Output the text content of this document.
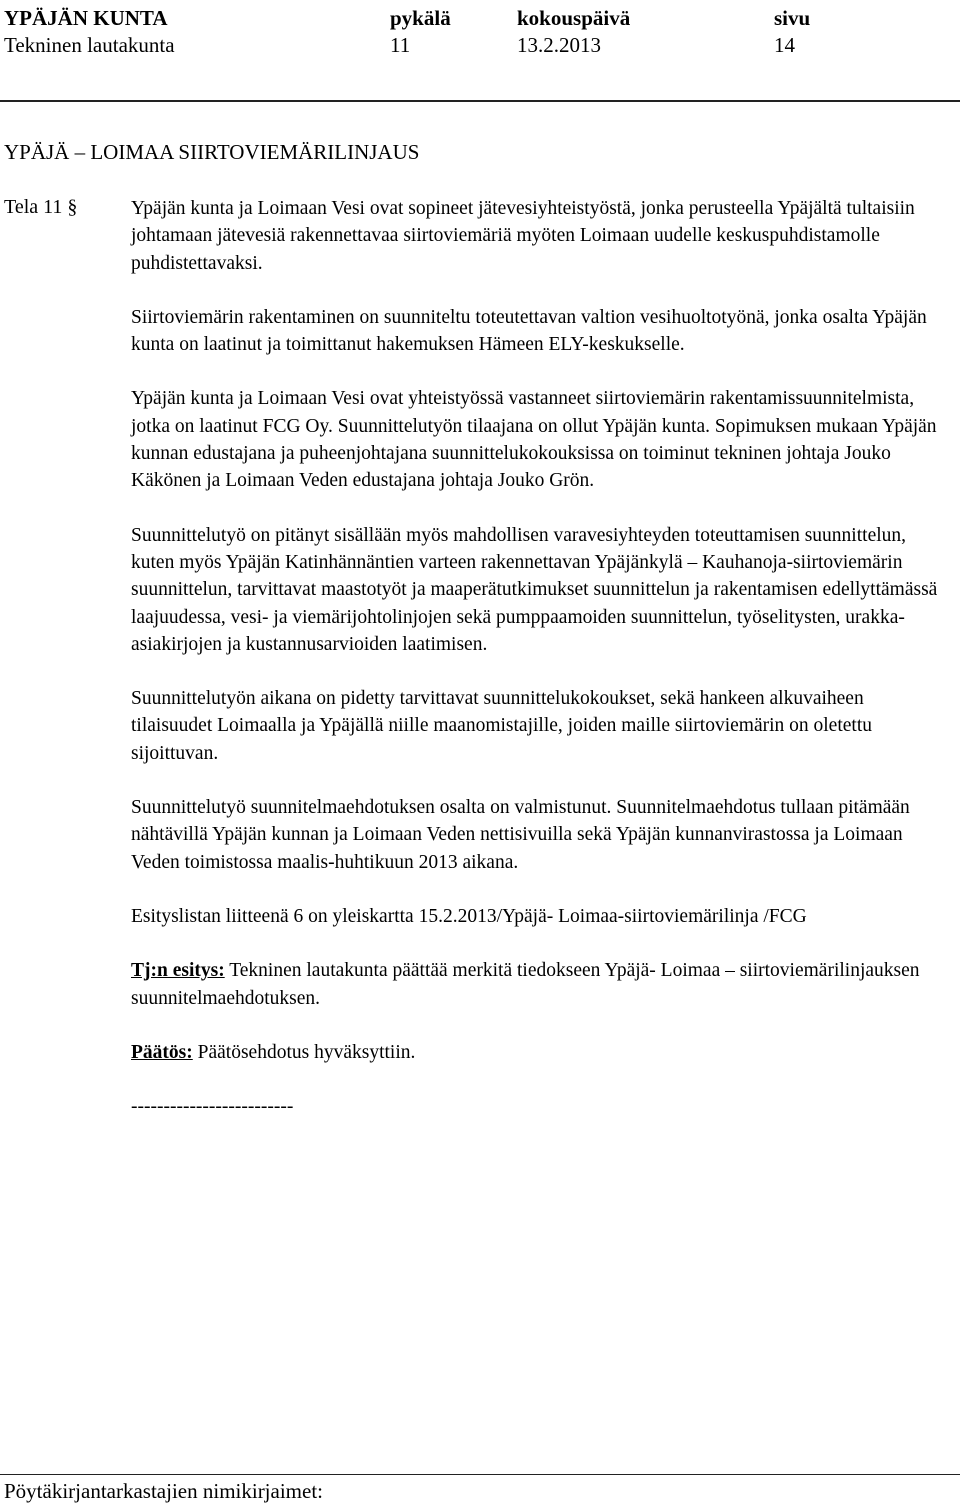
YPÄJÄN KUNTA
Tekninen lautakunta
pykälä
11
kokouspäivä
13.2.2013
sivu
14
YPÄJÄ – LOIMAA SIIRTOVIEMÄRILINJAUS
Tela 11 §	Ypäjän kunta ja Loimaan Vesi ovat sopineet jätevesiyhteistyöstä, jonka perusteella Ypäjältä tultaisiin johtamaan jätevesiä rakennettavaa siirtoviemäriä myöten Loimaan uudelle keskuspuhdistamolle puhdistettavaksi.

Siirtoviemärin rakentaminen on suunniteltu toteutettavan valtion vesihuoltotyönä, jonka osalta Ypäjän kunta on laatinut ja toimittanut hakemuksen Hämeen ELY-keskukselle.

Ypäjän kunta ja Loimaan Vesi ovat yhteistyössä vastanneet siirtoviemärin rakentamissuunnitelmista, jotka on laatinut FCG Oy. Suunnittelutyön tilaajana on ollut Ypäjän kunta. Sopimuksen mukaan Ypäjän kunnan edustajana ja puheenjohtajana suunnittelukokouksissa on toiminut tekninen johtaja Jouko Käkönen ja Loimaan Veden edustajana johtaja Jouko Grön.

Suunnittelutyö on pitänyt sisällään myös mahdollisen varavesiyhteyden toteuttamisen suunnittelun, kuten myös Ypäjän Katinhännäntien varteen rakennettavan Ypäjänkylä – Kauhanoja-siirtoviemärin suunnittelun, tarvittavat maastotyöt ja maaperätutkimukset suunnittelun ja rakentamisen edellyttämässä laajuudessa, vesi- ja viemärijohtolinjojen sekä pumppaamoiden suunnittelun, työselitysten, urakka-asiakirjojen ja kustannusarvioiden laatimisen.

Suunnittelutyön aikana on pidetty tarvittavat suunnittelukokoukset, sekä hankeen alkuvaiheen tilaisuudet Loimaalla ja Ypäjällä niille maanomistajille, joiden maille siirtoviemärin on oletettu sijoittuvan.

Suunnittelutyö suunnitelmaehdotuksen osalta on valmistunut. Suunnitelmaehdotus tullaan pitämään nähtävillä Ypäjän kunnan ja Loimaan Veden nettisivuilla sekä Ypäjän kunnanvirastossa ja Loimaan Veden toimistossa maalis-huhtikuun 2013 aikana.

Esityslistan liitteenä 6 on yleiskartta 15.2.2013/Ypäjä- Loimaa-siirtoviemärilinja /FCG

Tj:n esitys: Tekninen lautakunta päättää merkitä tiedokseen Ypäjä- Loimaa – siirtoviemärilinjauksen suunnitelmaehdotuksen.

Päätös: Päätösehdotus hyväksyttiin.

-------------------------

Pöytäkirjantarkastajien nimikirjaimet:
